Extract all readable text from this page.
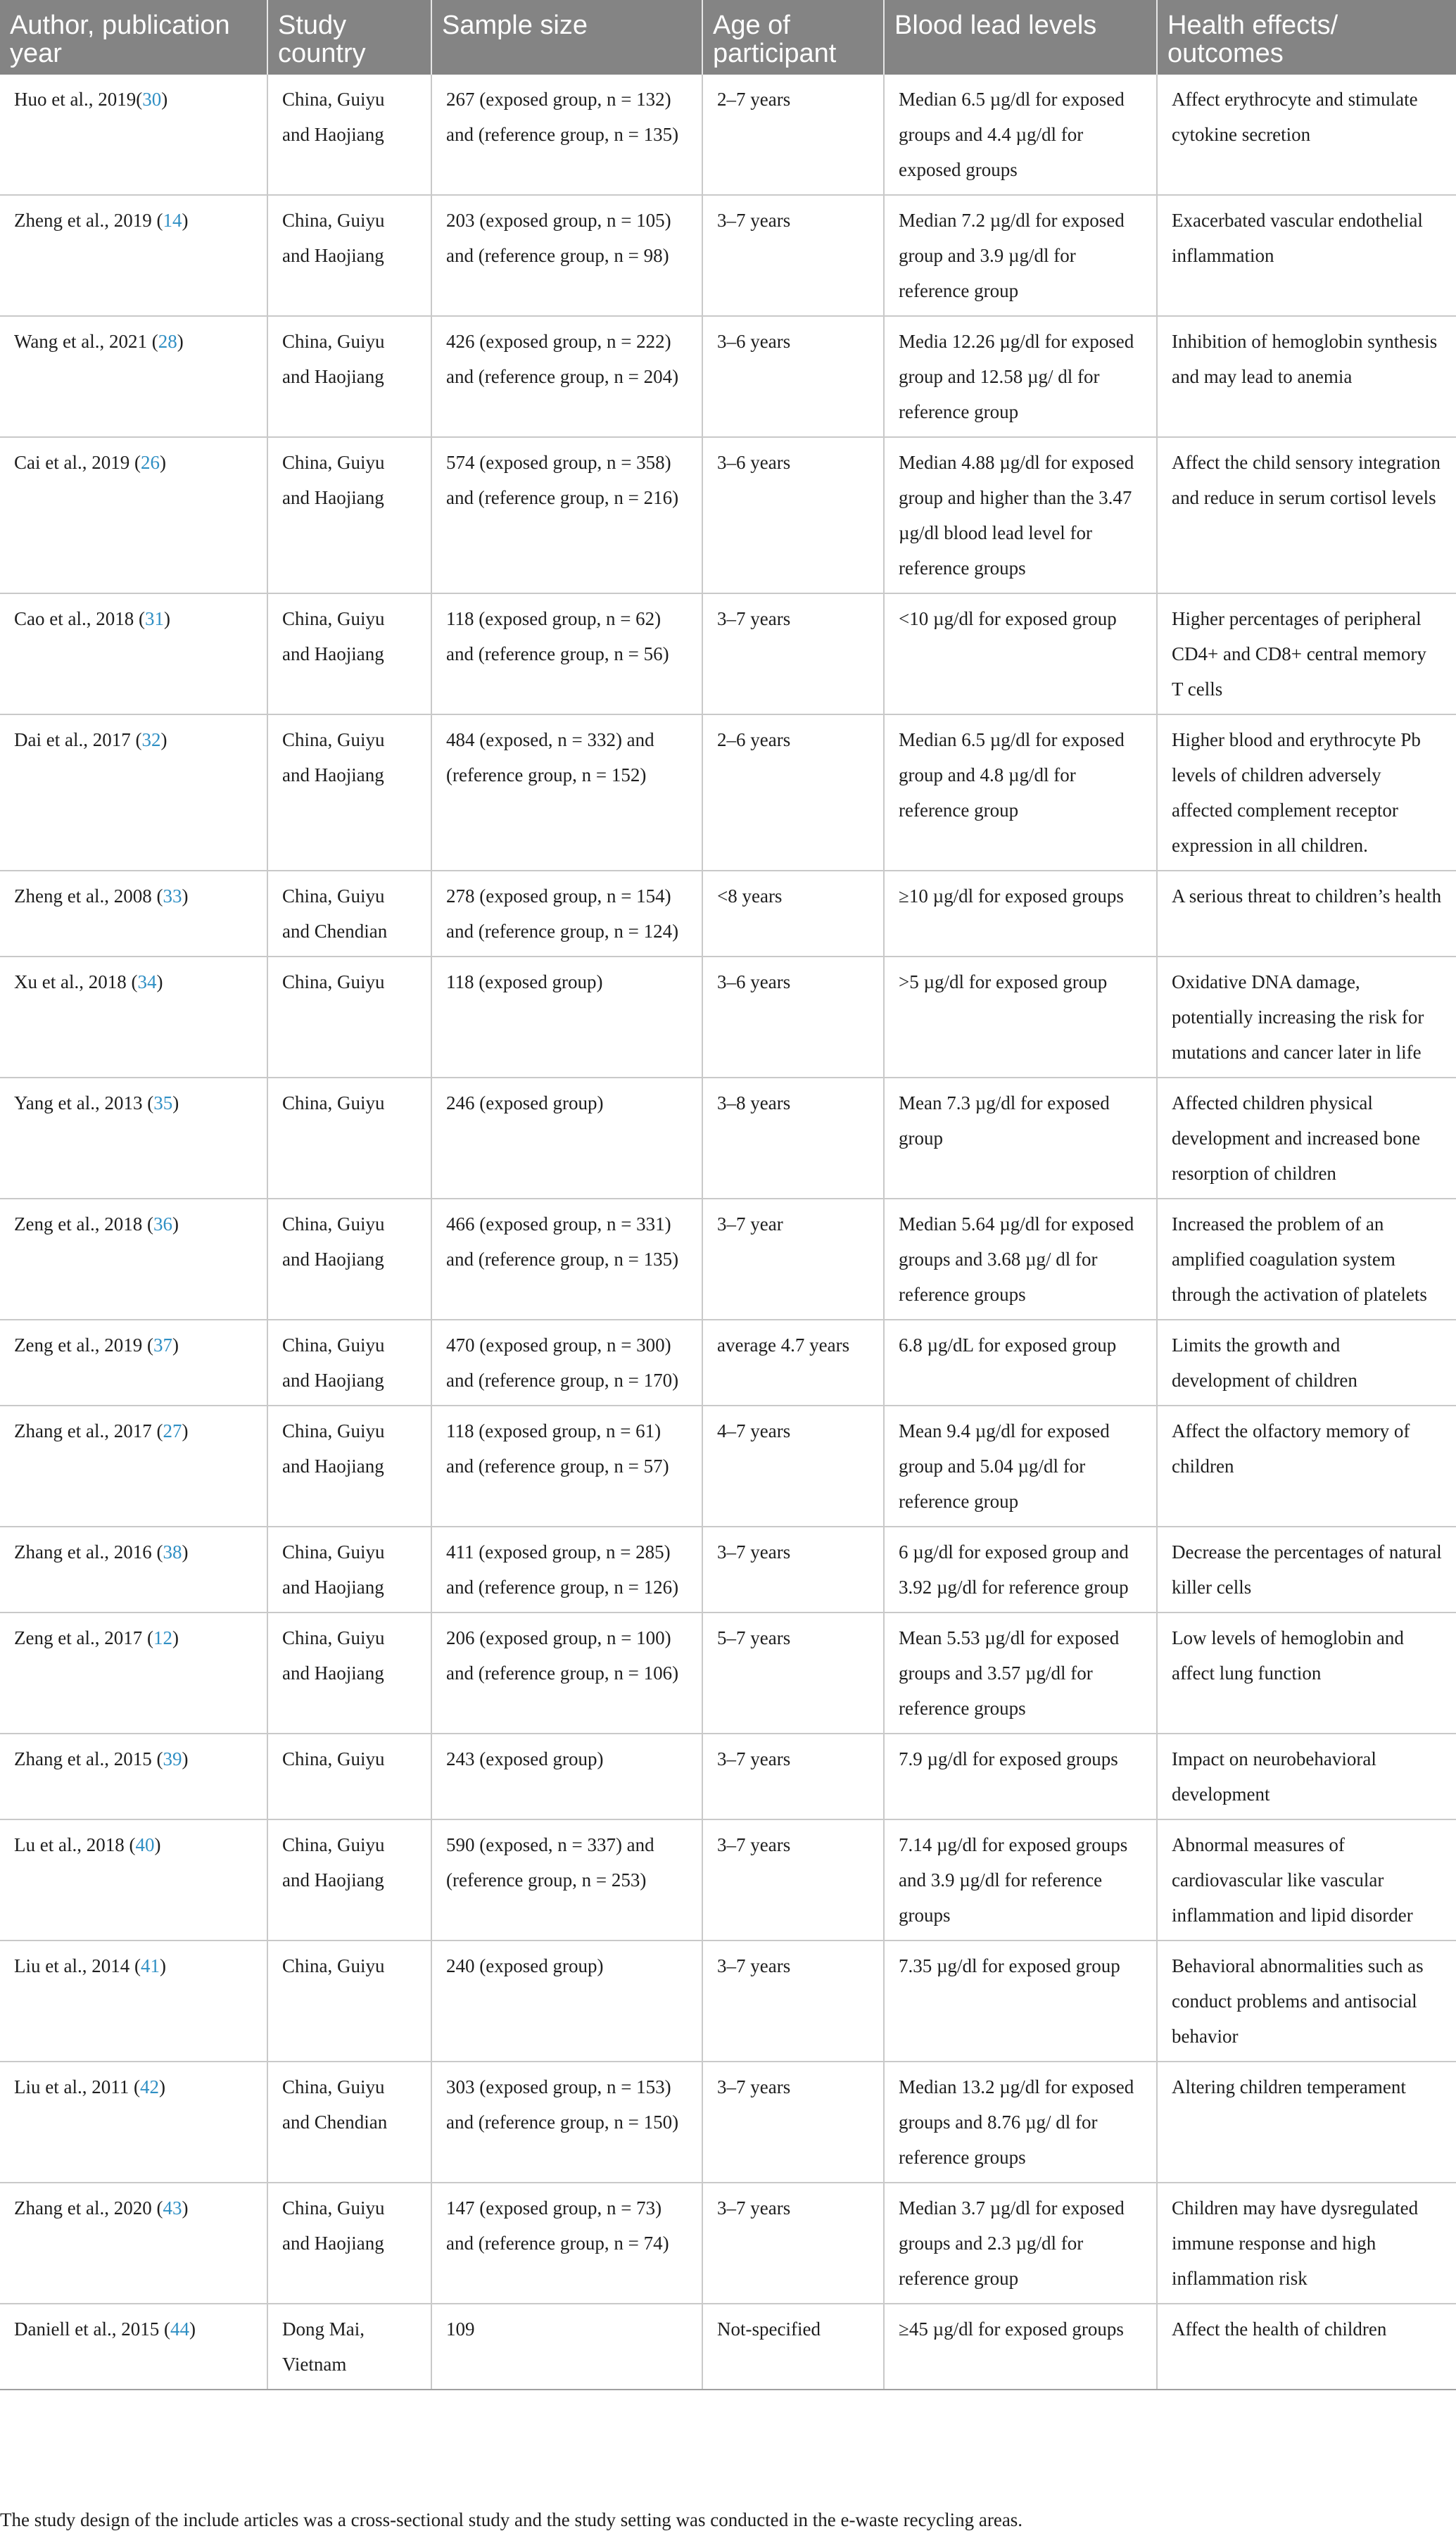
Author, publication year	Study country	Sample size	Age of participant	Blood lead levels	Health effects/ outcomes
Huo et al., 2019(30)	China, Guiyu and Haojiang	267 (exposed group, n = 132) and (reference group, n = 135)	2–7 years	Median 6.5 µg/dl for exposed groups and 4.4 µg/dl for exposed groups	Affect erythrocyte and stimulate cytokine secretion
Zheng et al., 2019 (14)	China, Guiyu and Haojiang	203 (exposed group, n = 105) and (reference group, n = 98)	3–7 years	Median 7.2 µg/dl for exposed group and 3.9 µg/dl for reference group	Exacerbated vascular endothelial inflammation
Wang et al., 2021 (28)	China, Guiyu and Haojiang	426 (exposed group, n = 222) and (reference group, n = 204)	3–6 years	Media 12.26 µg/dl for exposed group and 12.58 µg/ dl for reference group	Inhibition of hemoglobin synthesis and may lead to anemia
Cai et al., 2019 (26)	China, Guiyu and Haojiang	574 (exposed group, n = 358) and (reference group, n = 216)	3–6 years	Median 4.88 µg/dl for exposed group and higher than the 3.47 µg/dl blood lead level for reference groups	Affect the child sensory integration and reduce in serum cortisol levels
Cao et al., 2018 (31)	China, Guiyu and Haojiang	118 (exposed group, n = 62) and (reference group, n = 56)	3–7 years	<10 µg/dl for exposed group	Higher percentages of peripheral CD4+ and CD8+ central memory T cells
Dai et al., 2017 (32)	China, Guiyu and Haojiang	484 (exposed, n = 332) and (reference group, n = 152)	2–6 years	Median 6.5 µg/dl for exposed group and 4.8 µg/dl for reference group	Higher blood and erythrocyte Pb levels of children adversely affected complement receptor expression in all children.
Zheng et al., 2008 (33)	China, Guiyu and Chendian	278 (exposed group, n = 154) and (reference group, n = 124)	<8 years	≥10 µg/dl for exposed groups	A serious threat to children’s health
Xu et al., 2018 (34)	China, Guiyu	118 (exposed group)	3–6 years	>5 µg/dl for exposed group	Oxidative DNA damage, potentially increasing the risk for mutations and cancer later in life
Yang et al., 2013 (35)	China, Guiyu	246 (exposed group)	3–8 years	Mean 7.3 µg/dl for exposed group	Affected children physical development and increased bone resorption of children
Zeng et al., 2018 (36)	China, Guiyu and Haojiang	466 (exposed group, n = 331) and (reference group, n = 135)	3–7 year	Median 5.64 µg/dl for exposed groups and 3.68 µg/ dl for reference groups	Increased the problem of an amplified coagulation system through the activation of platelets
Zeng et al., 2019 (37)	China, Guiyu and Haojiang	470 (exposed group, n = 300) and (reference group, n = 170)	average 4.7 years	6.8 µg/dL for exposed group	Limits the growth and development of children
Zhang et al., 2017 (27)	China, Guiyu and Haojiang	118 (exposed group, n = 61) and (reference group, n = 57)	4–7 years	Mean 9.4 µg/dl for exposed group and 5.04 µg/dl for reference group	Affect the olfactory memory of children
Zhang et al., 2016 (38)	China, Guiyu and Haojiang	411 (exposed group, n = 285) and (reference group, n = 126)	3–7 years	6 µg/dl for exposed group and 3.92 µg/dl for reference group	Decrease the percentages of natural killer cells
Zeng et al., 2017 (12)	China, Guiyu and Haojiang	206 (exposed group, n = 100) and (reference group, n = 106)	5–7 years	Mean 5.53 µg/dl for exposed groups and 3.57 µg/dl for reference groups	Low levels of hemoglobin and affect lung function
Zhang et al., 2015 (39)	China, Guiyu	243 (exposed group)	3–7 years	7.9 µg/dl for exposed groups	Impact on neurobehavioral development
Lu et al., 2018 (40)	China, Guiyu and Haojiang	590 (exposed, n = 337) and (reference group, n = 253)	3–7 years	7.14 µg/dl for exposed groups and 3.9 µg/dl for reference groups	Abnormal measures of cardiovascular like vascular inflammation and lipid disorder
Liu et al., 2014 (41)	China, Guiyu	240 (exposed group)	3–7 years	7.35 µg/dl for exposed group	Behavioral abnormalities such as conduct problems and antisocial behavior
Liu et al., 2011 (42)	China, Guiyu and Chendian	303 (exposed group, n = 153) and (reference group, n = 150)	3–7 years	Median 13.2 µg/dl for exposed groups and 8.76 µg/ dl for reference groups	Altering children temperament
Zhang et al., 2020 (43)	China, Guiyu and Haojiang	147 (exposed group, n = 73) and (reference group, n = 74)	3–7 years	Median 3.7 µg/dl for exposed groups and 2.3 µg/dl for reference group	Children may have dysregulated immune response and high inflammation risk
Daniell et al., 2015 (44)	Dong Mai, Vietnam	109	Not-specified	≥45 µg/dl for exposed groups	Affect the health of children
The study design of the include articles was a cross-sectional study and the study setting was conducted in the e-waste recycling areas.
